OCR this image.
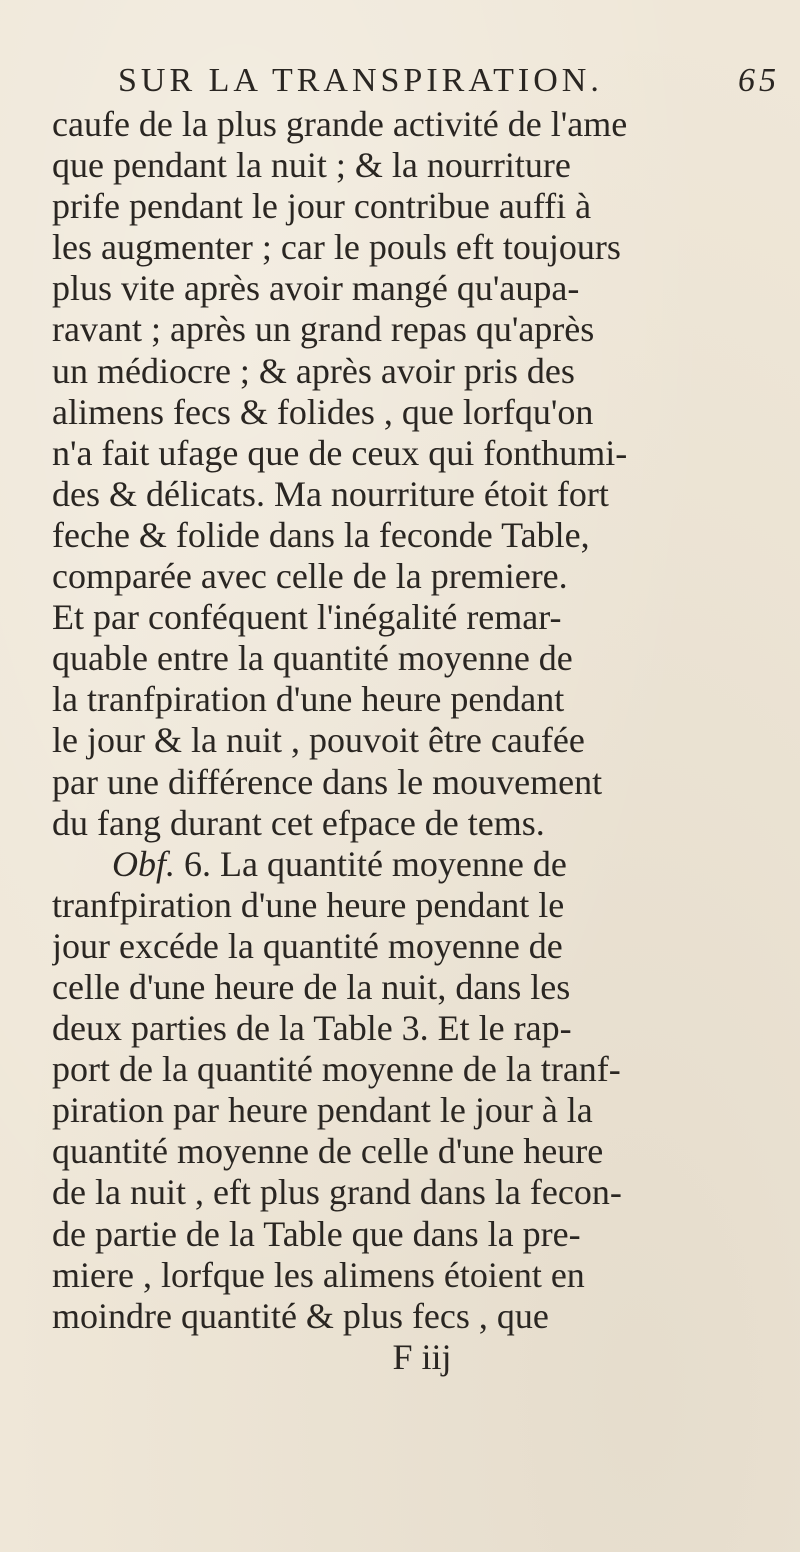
SUR LA TRANSPIRATION.	65
caufe de la plus grande activité de l'ame
que pendant la nuit ; & la nourriture
prife pendant le jour contribue auffi à
les augmenter ; car le pouls eft toujours
plus vite après avoir mangé qu'aupa-
ravant ; après un grand repas qu'après
un médiocre ; & après avoir pris des
alimens fecs & folides , que lorfqu'on
n'a fait ufage que de ceux qui fonthumi-
des & délicats. Ma nourriture étoit fort
feche & folide dans la feconde Table,
comparée avec celle de la premiere.
Et par conféquent l'inégalité remar-
quable entre la quantité moyenne de
la tranfpiration d'une heure pendant
le jour & la nuit , pouvoit être caufée
par une différence dans le mouvement
du fang durant cet efpace de tems.
Obf. 6. La quantité moyenne de
tranfpiration d'une heure pendant le
jour excéde la quantité moyenne de
celle d'une heure de la nuit, dans les
deux parties de la Table 3. Et le rap-
port de la quantité moyenne de la tranf-
piration par heure pendant le jour à la
quantité moyenne de celle d'une heure
de la nuit , eft plus grand dans la fecon-
de partie de la Table que dans la pre-
miere , lorfque les alimens étoient en
moindre quantité & plus fecs , que
F iij
